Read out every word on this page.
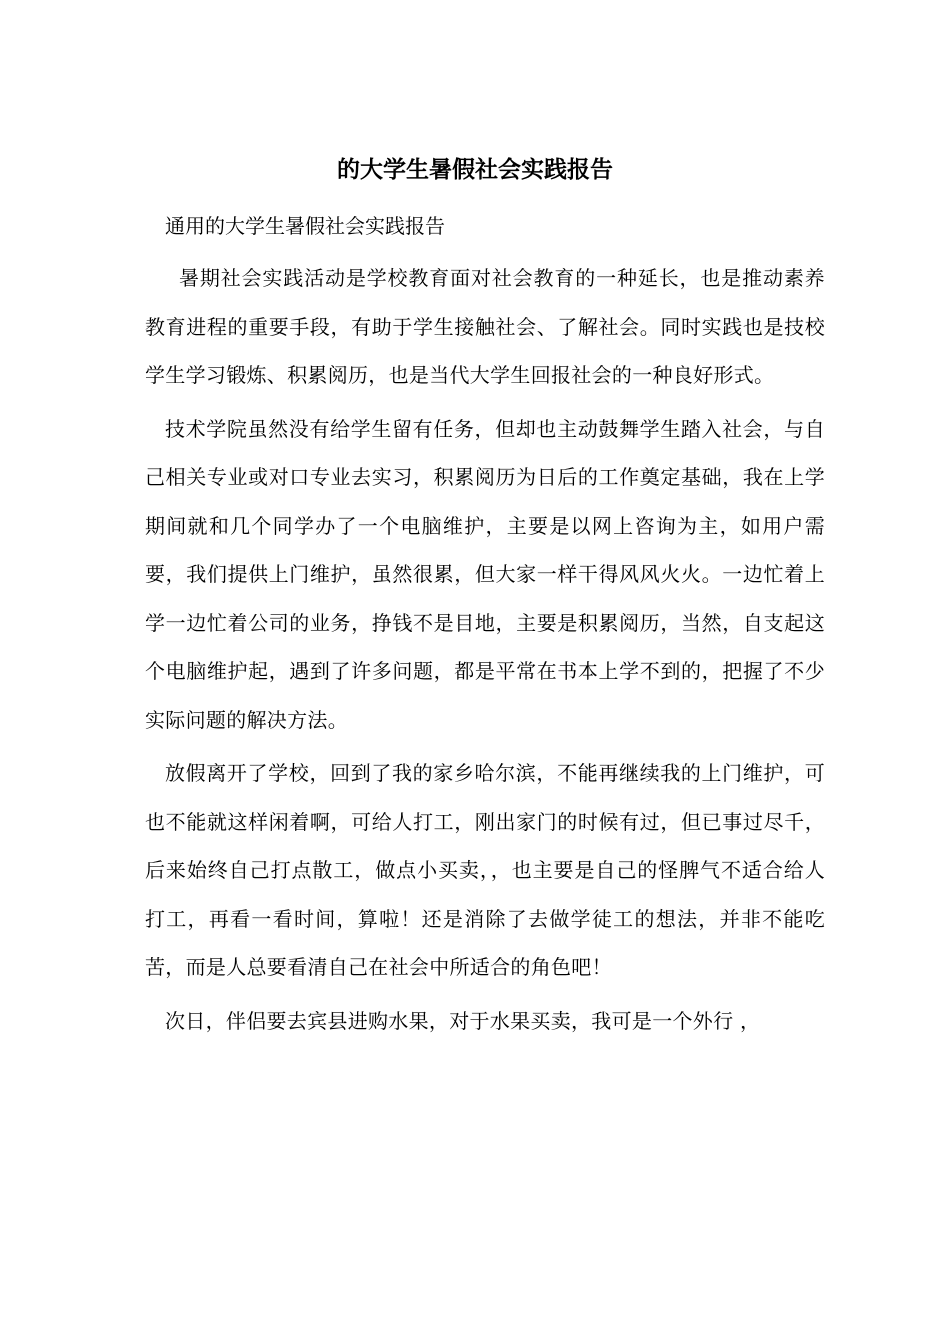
的大学生暑假社会实践报告

通用的大学生暑假社会实践报告

暑期社会实践活动是学校教育面对社会教育的一种延长，也是推动素养教育进程的重要手段，有助于学生接触社会、了解社会。同时实践也是技校学生学习锻炼、积累阅历，也是当代大学生回报社会的一种良好形式。

技术学院虽然没有给学生留有任务，但却也主动鼓舞学生踏入社会，与自己相关专业或对口专业去实习，积累阅历为日后的工作奠定基础，我在上学期间就和几个同学办了一个电脑维护，主要是以网上咨询为主，如用户需要，我们提供上门维护，虽然很累，但大家一样干得风风火火。一边忙着上学一边忙着公司的业务，挣钱不是目地，主要是积累阅历，当然，自支起这个电脑维护起，遇到了许多问题，都是平常在书本上学不到的，把握了不少实际问题的解决方法。

放假离开了学校，回到了我的家乡哈尔滨，不能再继续我的上门维护，可也不能就这样闲着啊，可给人打工，刚出家门的时候有过，但已事过尽千，后来始终自己打点散工，做点小买卖，，也主要是自己的怪脾气不适合给人打工，再看一看时间，算啦！还是消除了去做学徒工的想法，并非不能吃苦，而是人总要看清自己在社会中所适合的角色吧！

次日，伴侣要去宾县进购水果，对于水果买卖，我可是一个外行 ，
